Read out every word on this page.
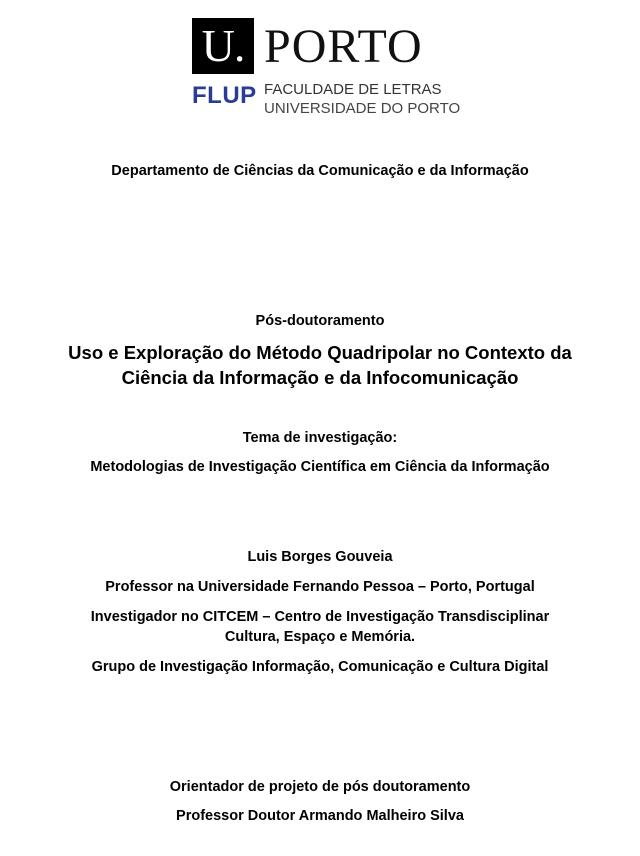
U. PORTO
FLUP FACULDADE DE LETRAS
UNIVERSIDADE DO PORTO
Departamento de Ciências da Comunicação e da Informação
Pós-doutoramento
Uso e Exploração do Método Quadripolar no Contexto da
Ciência da Informação e da Infocomunicação
Tema de investigação:
Metodologias de Investigação Científica em Ciência da Informação
Luis Borges Gouveia
Professor na Universidade Fernando Pessoa – Porto, Portugal
Investigador no CITCEM – Centro de Investigação Transdisciplinar
Cultura, Espaço e Memória.
Grupo de Investigação Informação, Comunicação e Cultura Digital
Orientador de projeto de pós doutoramento
Professor Doutor Armando Malheiro Silva
